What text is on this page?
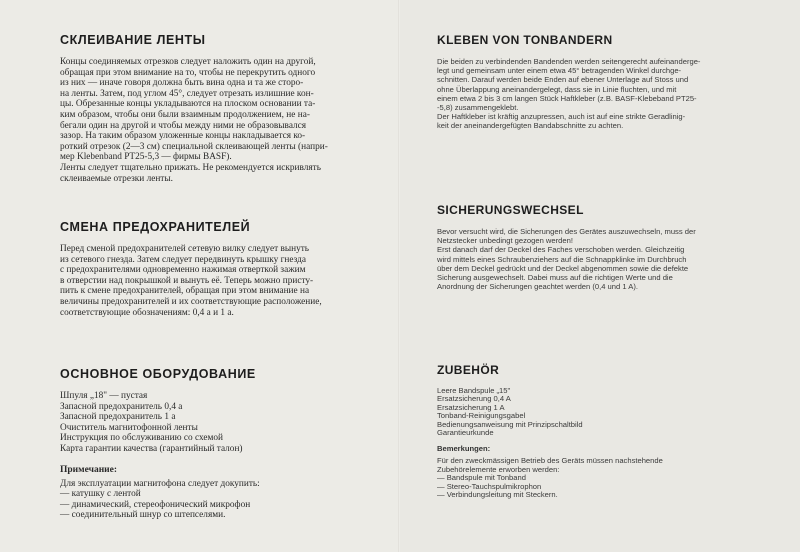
СКЛЕИВАНИЕ ЛЕНТЫ

Концы соединяемых отрезков следует наложить один на другой,
обращая при этом внимание на то, чтобы не перекрутить одного
из них — иначе говоря должна быть вина одна и та же сторо-
на ленты. Затем, под углом 45°, следует отрезать излишние кон-
цы. Обрезанные концы укладываются на плоском основании та-
ким образом, чтобы они были взаимным продолжением, не на-
бегали один на другой и чтобы между ними не образовывался
зазор. На таким образом уложенные концы накладывается ко-
роткий отрезок (2—3 cм) специальной склеивающей ленты (напри-
мер Klebenband PT25-5,3 — фирмы BASF).
Ленты следует тщательно прижать. Не рекомендуется искривлять
склеиваемые отрезки ленты.

СМЕНА ПРЕДОХРАНИТЕЛЕЙ

Перед сменой предохранителей сетевую вилку следует вынуть
из сетевого гнезда. Затем следует передвинуть крышку гнезда
с предохранителями одновременно нажимая отверткой зажим
в отверстии над покрышкой и вынуть её. Теперь можно присту-
пить к смене предохранителей, обращая при этом внимание на
величины предохранителей и их соответствующие расположение,
соответствующие обозначениям: 0,4 а и 1 а.

ОСНОВНОЕ ОБОРУДОВАНИЕ

Шпуля „18" — пустая
Запасной предохранитель 0,4 а
Запасной предохранитель 1 а
Очиститель магнитофонной ленты
Инструкция по обслуживанию со схемой
Карта гарантии качества (гарантийный талон)

Примечание:

Для эксплуатации магнитофона следует докупить:
— катушку с лентой
— динамический, стереофонический микрофон
— соединительный шнур со штепселями.

KLEBEN VON TONBANDERN

Die beiden zu verbindenden Bandenden werden seitengerecht aufeinanderge-
legt und gemeinsam unter einem etwa 45° betragenden Winkel durchge-
schnitten. Darauf werden beide Enden auf ebener Unterlage auf Stoss und
ohne Überlappung aneinandergelegt, dass sie in Linie fluchten, und mit
einem etwa 2 bis 3 cm langen Stück Haftkleber (z.B. BASF-Klebeband PT25-
-5,8) zusammengeklebt.
Der Haftkleber ist kräftig anzupressen, auch ist auf eine strikte Geradlinig-
keit der aneinandergefügten Bandabschnitte zu achten.

SICHERUNGSWECHSEL

Bevor versucht wird, die Sicherungen des Gerätes auszuwechseln, muss der
Netzstecker unbedingt gezogen werden!
Erst danach darf der Deckel des Faches verschoben werden. Gleichzeitig
wird mittels eines Schraubenziehers auf die Schnappklinke im Durchbruch
über dem Deckel gedrückt und der Deckel abgenommen sowie die defekte
Sicherung ausgewechselt. Dabei muss auf die richtigen Werte und die
Anordnung der Sicherungen geachtet werden (0,4 und 1 A).

ZUBEHÖR

Leere Bandspule „15"
Ersatzsicherung 0,4 A
Ersatzsicherung 1 A
Tonband-Reinigungsgabel
Bedienungsanweisung mit Prinzipschaltbild
Garantieurkunde

Bemerkungen:

Für den zweckmässigen Betrieb des Geräts müssen nachstehende
Zubehörelemente erworben werden:
— Bandspule mit Tonband
— Stereo-Tauchspulmikrophon
— Verbindungsleitung mit Steckern.
